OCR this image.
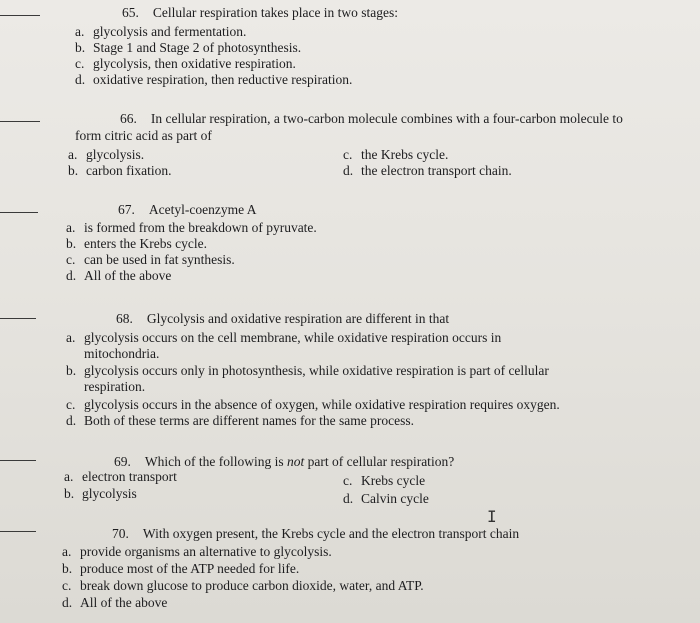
65. Cellular respiration takes place in two stages:
a. glycolysis and fermentation.
b. Stage 1 and Stage 2 of photosynthesis.
c. glycolysis, then oxidative respiration.
d. oxidative respiration, then reductive respiration.
66. In cellular respiration, a two-carbon molecule combines with a four-carbon molecule to
form citric acid as part of
a. glycolysis.
b. carbon fixation.
c. the Krebs cycle.
d. the electron transport chain.
67. Acetyl-coenzyme A
a. is formed from the breakdown of pyruvate.
b. enters the Krebs cycle.
c. can be used in fat synthesis.
d. All of the above
68. Glycolysis and oxidative respiration are different in that
a. glycolysis occurs on the cell membrane, while oxidative respiration occurs in
mitochondria.
b. glycolysis occurs only in photosynthesis, while oxidative respiration is part of cellular
respiration.
c. glycolysis occurs in the absence of oxygen, while oxidative respiration requires oxygen.
d. Both of these terms are different names for the same process.
69. Which of the following is not part of cellular respiration?
a. electron transport
b. glycolysis
c. Krebs cycle
d. Calvin cycle
I
70. With oxygen present, the Krebs cycle and the electron transport chain
a. provide organisms an alternative to glycolysis.
b. produce most of the ATP needed for life.
c. break down glucose to produce carbon dioxide, water, and ATP.
d. All of the above
